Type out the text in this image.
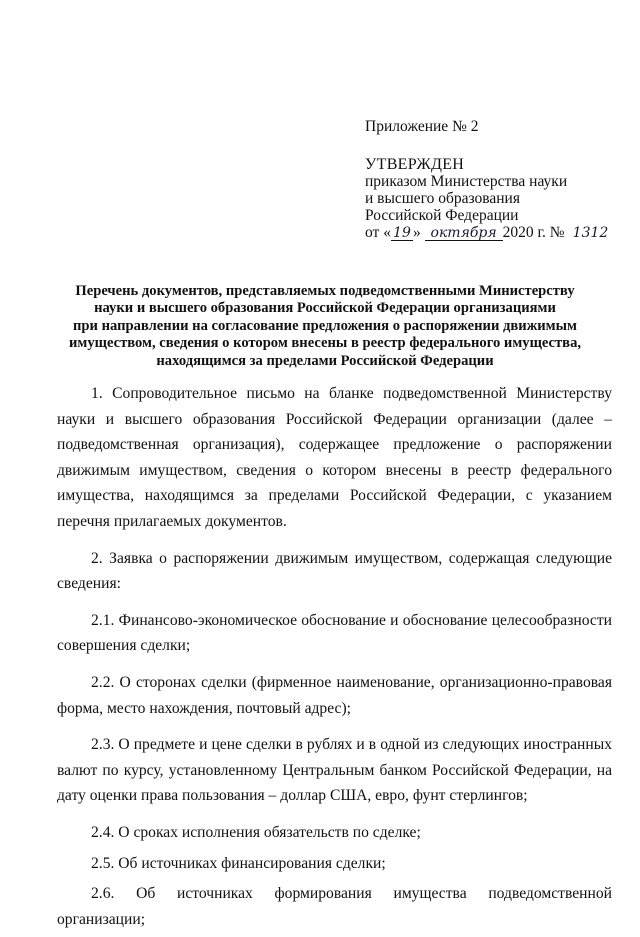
Приложение № 2
УТВЕРЖДЕН
приказом Министерства науки
и высшего образования
Российской Федерации
от « 19 » октября 2020 г. № 1312
Перечень документов, представляемых подведомственными Министерству
науки и высшего образования Российской Федерации организациями
при направлении на согласование предложения о распоряжении движимым
имуществом, сведения о котором внесены в реестр федерального имущества,
находящимся за пределами Российской Федерации

1. Сопроводительное письмо на бланке подведомственной Министерству науки и высшего образования Российской Федерации организации (далее – подведомственная организация), содержащее предложение о распоряжении движимым имуществом, сведения о котором внесены в реестр федерального имущества, находящимся за пределами Российской Федерации, с указанием перечня прилагаемых документов.

2. Заявка о распоряжении движимым имуществом, содержащая следующие сведения:

2.1. Финансово-экономическое обоснование и обоснование целесообразности совершения сделки;

2.2. О сторонах сделки (фирменное наименование, организационно-правовая форма, место нахождения, почтовый адрес);

2.3. О предмете и цене сделки в рублях и в одной из следующих иностранных валют по курсу, установленному Центральным банком Российской Федерации, на дату оценки права пользования – доллар США, евро, фунт стерлингов;

2.4. О сроках исполнения обязательств по сделке;

2.5. Об источниках финансирования сделки;

2.6. Об источниках формирования имущества подведомственной организации;
